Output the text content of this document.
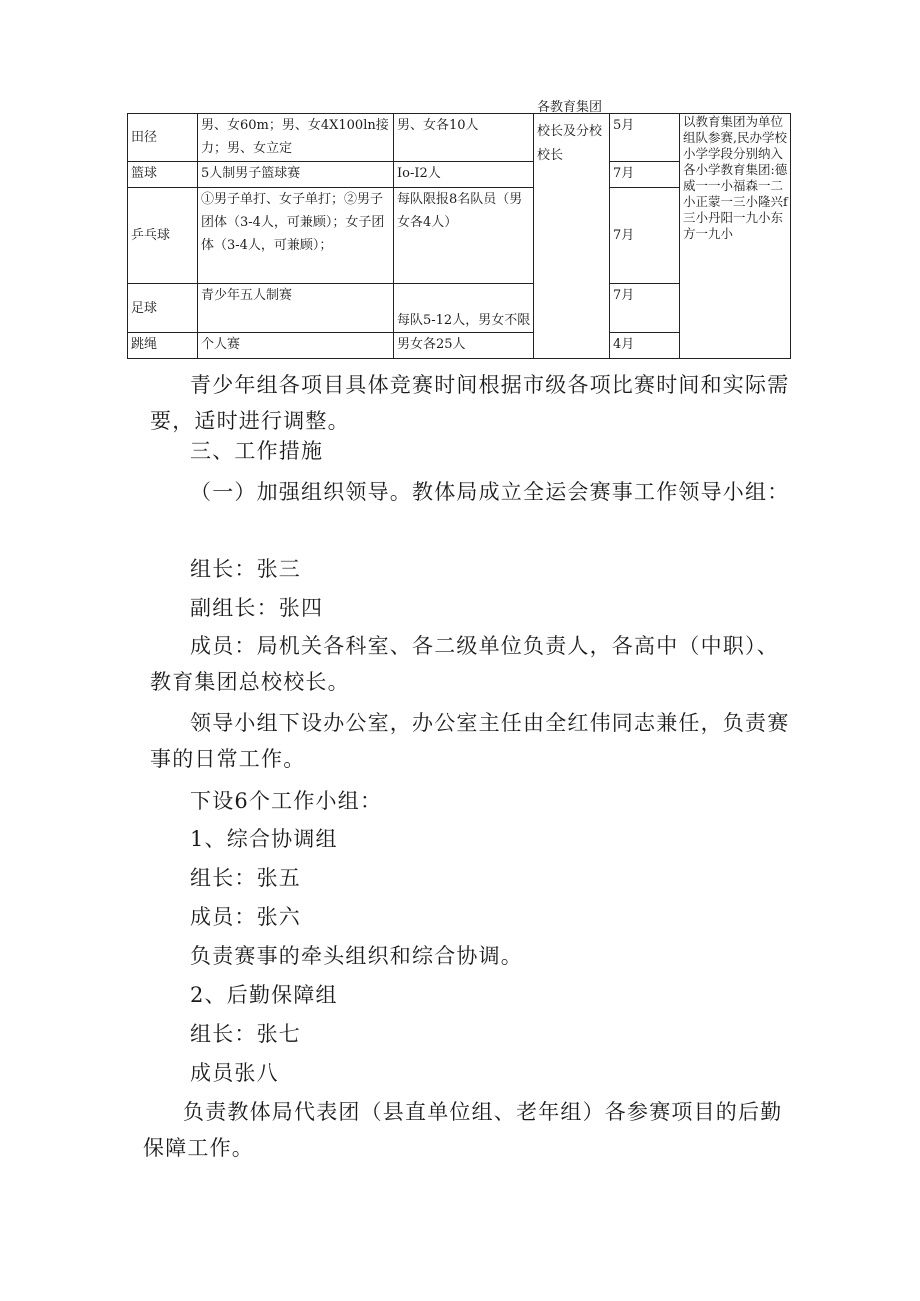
田径	男、女60m；男、女4X100ln接力；男、女立定	男、女各10人	各教育集团校长及分校校长	5月	以教育集团为单位组队参赛,民办学校小学学段分别纳入各小学教育集团:德威一一小福森一二小正蒙一三小隆兴f三小丹阳一九小东方一九小
篮球	5人制男子篮球赛	Io-I2人		7月	
乒乓球	①男子单打、女子单打；②男子团体（3-4人，可兼顾）；女子团体（3-4人，可兼顾）；	每队限报8名队员（男女各4人）		7月	
足球	青少年五人制赛	每队5-12人，男女不限		7月	
跳绳	个人赛	男女各25人		4月	

青少年组各项目具体竞赛时间根据市级各项比赛时间和实际需要，适时进行调整。

三、工作措施

（一）加强组织领导。教体局成立全运会赛事工作领导小组：

组长：张三

副组长：张四

成员：局机关各科室、各二级单位负责人，各高中（中职）、教育集团总校校长。

领导小组下设办公室，办公室主任由全红伟同志兼任，负责赛事的日常工作。

下设6个工作小组：

1、综合协调组

组长：张五

成员：张六

负责赛事的牵头组织和综合协调。

2、后勤保障组

组长：张七

成员张八

负责教体局代表团（县直单位组、老年组）各参赛项目的后勤保障工作。
